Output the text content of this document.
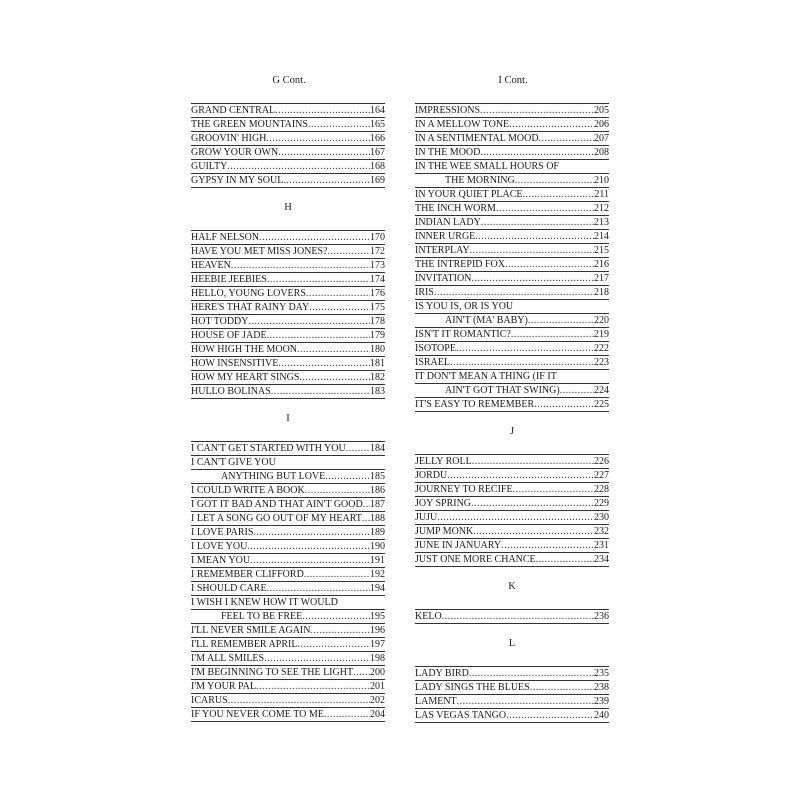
G Cont.
GRAND CENTRAL .....	164
THE GREEN MOUNTAINS .....	165
GROOVIN' HIGH .....	166
GROW YOUR OWN .....	167
GUILTY .....	168
GYPSY IN MY SOUL .....	169
H
HALF NELSON .....	170
HAVE YOU MET MISS JONES? .....	172
HEAVEN .....	173
HEEBIE JEEBIES .....	174
HELLO, YOUNG LOVERS .....	176
HERE'S THAT RAINY DAY .....	175
HOT TODDY .....	178
HOUSE OF JADE .....	179
HOW HIGH THE MOON .....	180
HOW INSENSITIVE .....	181
HOW MY HEART SINGS .....	182
HULLO BOLINAS .....	183
I
I CAN'T GET STARTED WITH YOU ..... 184
I CAN'T GIVE YOU
ANYTHING BUT LOVE .....	185
I COULD WRITE A BOOK .....	186
I GOT IT BAD AND THAT AIN'T GOOD ..... 187
I LET A SONG GO OUT OF MY HEART ..... 188
I LOVE PARIS .....	189
I LOVE YOU .....	190
I MEAN YOU .....	191
I REMEMBER CLIFFORD .....	192
I SHOULD CARE .....	194
I WISH I KNEW HOW IT WOULD
FEEL TO BE FREE .....	195
I'LL NEVER SMILE AGAIN .....	196
I'LL REMEMBER APRIL .....	197
I'M ALL SMILES .....	198
I'M BEGINNING TO SEE THE LIGHT ..... 200
I'M YOUR PAL .....	201
ICARUS .....	202
IF YOU NEVER COME TO ME .....	204
I Cont.
IMPRESSIONS .....	205
IN A MELLOW TONE .....	206
IN A SENTIMENTAL MOOD .....	207
IN THE MOOD .....	208
IN THE WEE SMALL HOURS OF
THE MORNING .....	210
IN YOUR QUIET PLACE .....	211
THE INCH WORM .....	212
INDIAN LADY .....	213
INNER URGE .....	214
INTERPLAY .....	215
THE INTREPID FOX .....	216
INVITATION .....	217
IRIS .....	218
IS YOU IS, OR IS YOU
AIN'T (MA' BABY) .....	220
ISN'T IT ROMANTIC? .....	219
ISOTOPE .....	222
ISRAEL .....	223
IT DON'T MEAN A THING (IF IT
AIN'T GOT THAT SWING) .....	224
IT'S EASY TO REMEMBER .....	225
J
JELLY ROLL .....	226
JORDU .....	227
JOURNEY TO RECIFE .....	228
JOY SPRING .....	229
JUJU .....	230
JUMP MONK .....	232
JUNE IN JANUARY .....	231
JUST ONE MORE CHANCE .....	234
K
KELO .....	236
L
LADY BIRD .....	235
LADY SINGS THE BLUES .....	238
LAMENT .....	239
LAS VEGAS TANGO .....	240
